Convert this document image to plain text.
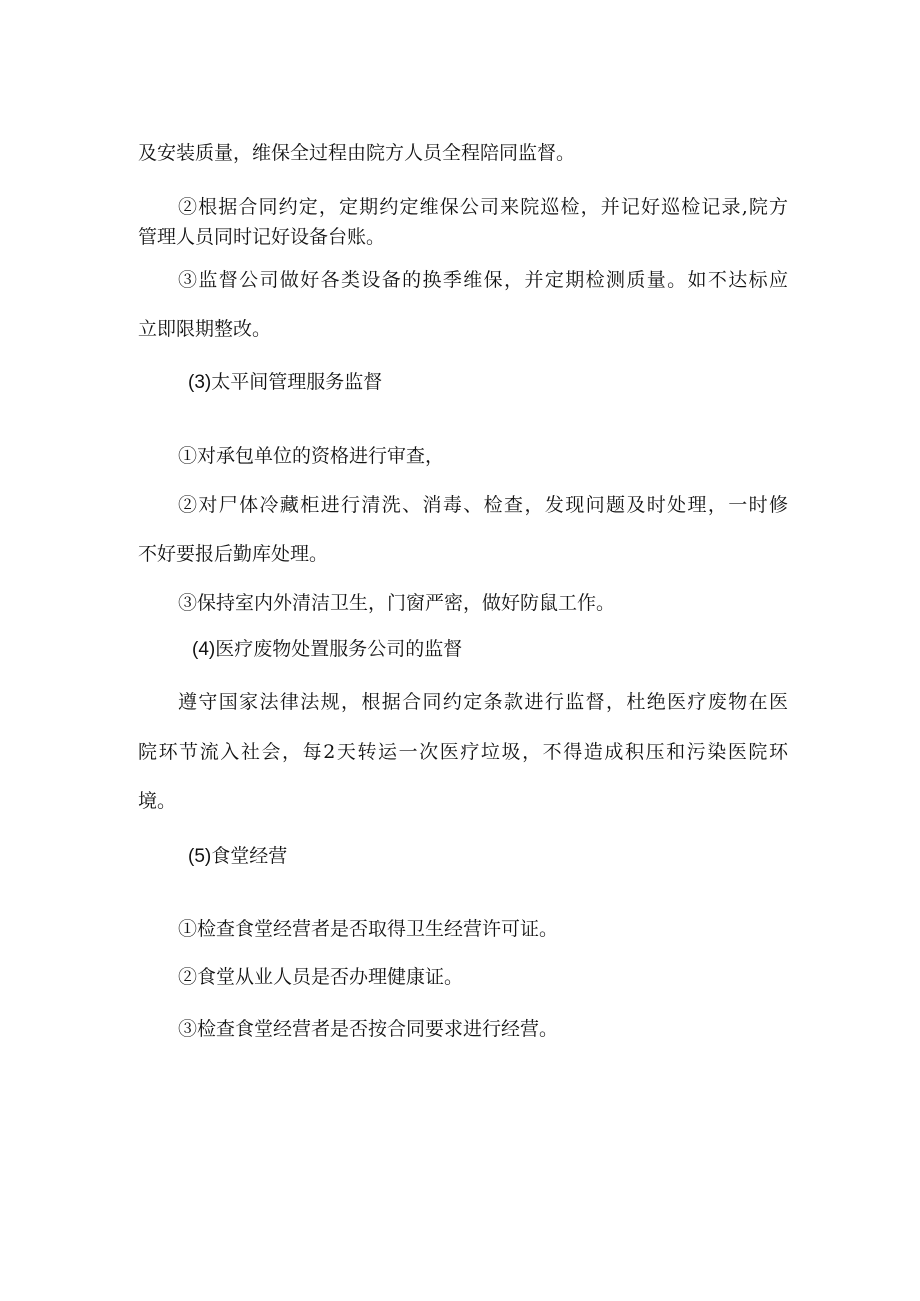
及安装质量，维保全过程由院方人员全程陪同监督。
②根据合同约定，定期约定维保公司来院巡检，并记好巡检记录,院方
管理人员同时记好设备台账。
③监督公司做好各类设备的换季维保，并定期检测质量。如不达标应
立即限期整改。
(3)太平间管理服务监督
①对承包单位的资格进行审查，
②对尸体冷藏柜进行清洗、消毒、检查，发现问题及时处理，一时修
不好要报后勤库处理。
③保持室内外清洁卫生，门窗严密，做好防鼠工作。
(4)医疗废物处置服务公司的监督
遵守国家法律法规，根据合同约定条款进行监督，杜绝医疗废物在医
院环节流入社会，每2天转运一次医疗垃圾，不得造成积压和污染医院环
境。
(5)食堂经营
①检查食堂经营者是否取得卫生经营许可证。
②食堂从业人员是否办理健康证。
③检查食堂经营者是否按合同要求进行经营。
